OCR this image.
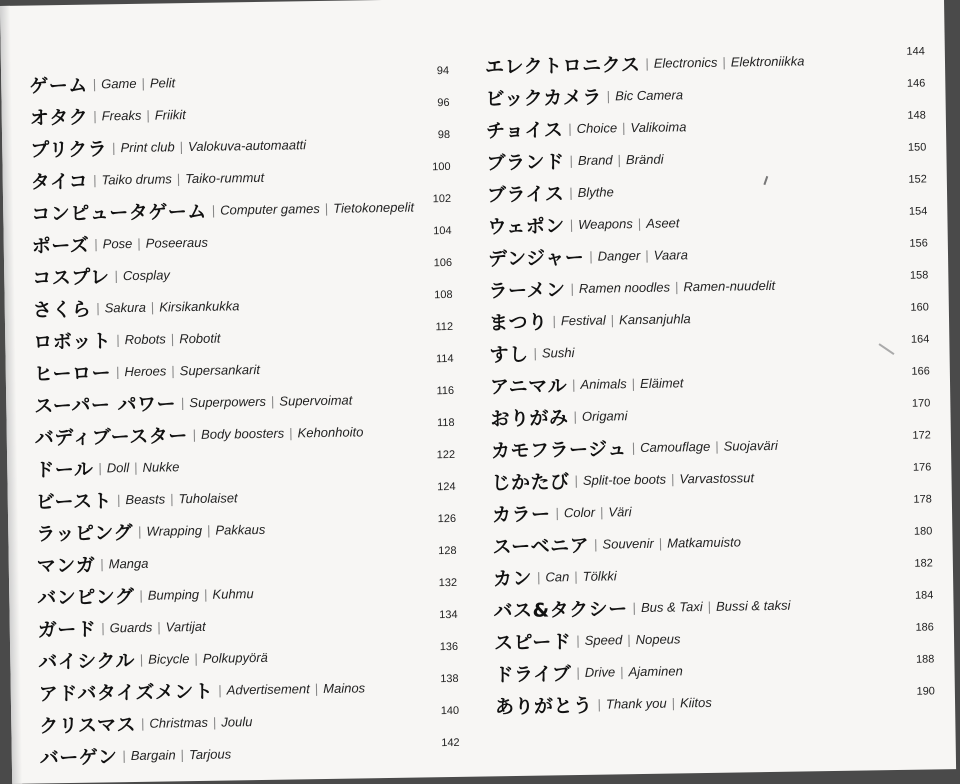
ゲーム | Game | Pelit
94
オタク | Freaks | Friikit
96
プリクラ | Print club | Valokuva-automaatti
98
タイコ | Taiko drums | Taiko-rummut
100
コンピュータゲーム | Computer games | Tietokonepelit 102
ポーズ | Pose | Poseeraus
104
コスプレ | Cosplay
106
さくら | Sakura | Kirsikankukka
108
ロボット | Robots | Robotit
112
ヒーロー | Heroes | Supersankarit
114
スーパー パワー | Superpowers | Supervoimat
116
バディブースター | Body boosters | Kehonhoito
118
ドール | Doll | Nukke
122
ビースト | Beasts | Tuholaiset
124
ラッピング | Wrapping | Pakkaus
126
マンガ | Manga
128
バンピング | Bumping | Kuhmu
132
ガード | Guards | Vartijat
134
バイシクル | Bicycle | Polkupyörä
136
アドバタイズメント | Advertisement | Mainos
138
クリスマス | Christmas | Joulu
140
バーゲン | Bargain | Tarjous
142
エレクトロニクス | Electronics | Elektroniikka
144
ビックカメラ | Bic Camera
146
チョイス | Choice | Valikoima
148
ブランド | Brand | Brändi
150
ブライス | Blythe
152
ウェポン | Weapons | Aseet
154
デンジャー | Danger | Vaara
156
ラーメン | Ramen noodles | Ramen-nuudelit
158
まつり | Festival | Kansanjuhla
160
すし | Sushi
164
アニマル | Animals | Eläimet
166
おりがみ | Origami
170
カモフラージュ | Camouflage | Suojaväri
172
じかたび | Split-toe boots | Varvastossut
176
カラー | Color | Väri
178
スーベニア | Souvenir | Matkamuisto
180
カン | Can | Tölkki
182
バス&タクシー | Bus & Taxi | Bussi & taksi
184
スピード | Speed | Nopeus
186
ドライブ | Drive | Ajaminen
188
ありがとう | Thank you | Kiitos
190
